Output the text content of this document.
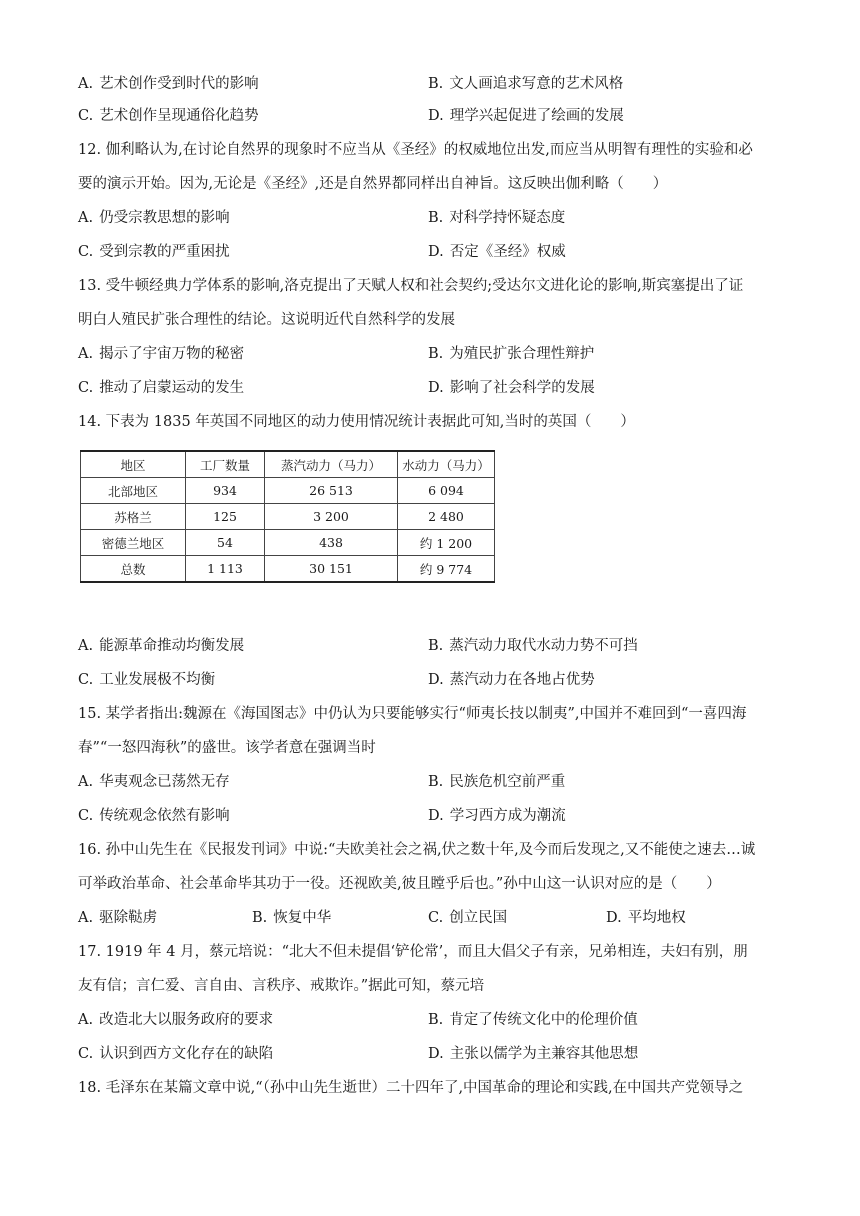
A. 艺术创作受到时代的影响	B. 文人画追求写意的艺术风格
C. 艺术创作呈现通俗化趋势	D. 理学兴起促进了绘画的发展
12. 伽利略认为,在讨论自然界的现象时不应当从《圣经》的权威地位出发,而应当从明智有理性的实验和必
要的演示开始。因为,无论是《圣经》,还是自然界都同样出自神旨。这反映出伽利略（　　）
A. 仍受宗教思想的影响	B. 对科学持怀疑态度
C. 受到宗教的严重困扰	D. 否定《圣经》权威
13. 受牛顿经典力学体系的影响,洛克提出了天赋人权和社会契约;受达尔文进化论的影响,斯宾塞提出了证
明白人殖民扩张合理性的结论。这说明近代自然科学的发展
A. 揭示了宇宙万物的秘密	B. 为殖民扩张合理性辩护
C. 推动了启蒙运动的发生	D. 影响了社会科学的发展
14. 下表为 1835 年英国不同地区的动力使用情况统计表据此可知,当时的英国（　　）
地区	工厂数量	蒸汽动力（马力）	水动力（马力）
北部地区	934	26 513	6 094
苏格兰	125	3 200	2 480
密德兰地区	54	438	约 1 200
总数	1 113	30 151	约 9 774
A. 能源革命推动均衡发展	B. 蒸汽动力取代水动力势不可挡
C. 工业发展极不均衡	D. 蒸汽动力在各地占优势
15. 某学者指出:魏源在《海国图志》中仍认为只要能够实行“师夷长技以制夷”,中国并不难回到“一喜四海
春”“一怒四海秋”的盛世。该学者意在强调当时
A. 华夷观念已荡然无存	B. 民族危机空前严重
C. 传统观念依然有影响	D. 学习西方成为潮流
16. 孙中山先生在《民报发刊词》中说:“夫欧美社会之祸,伏之数十年,及今而后发现之,又不能使之速去…诚
可举政治革命、社会革命毕其功于一役。还视欧美,彼且瞠乎后也。”孙中山这一认识对应的是（　　）
A. 驱除鞑虏	B. 恢复中华	C. 创立民国	D. 平均地权
17. 1919 年 4 月，蔡元培说：“北大不但未提倡‘铲伦常’，而且大倡父子有亲，兄弟相连，夫妇有别，朋
友有信；言仁爱、言自由、言秩序、戒欺诈。”据此可知，蔡元培
A. 改造北大以服务政府的要求	B. 肯定了传统文化中的伦理价值
C. 认识到西方文化存在的缺陷	D. 主张以儒学为主兼容其他思想
18. 毛泽东在某篇文章中说,“（孙中山先生逝世）二十四年了,中国革命的理论和实践,在中国共产党领导之
